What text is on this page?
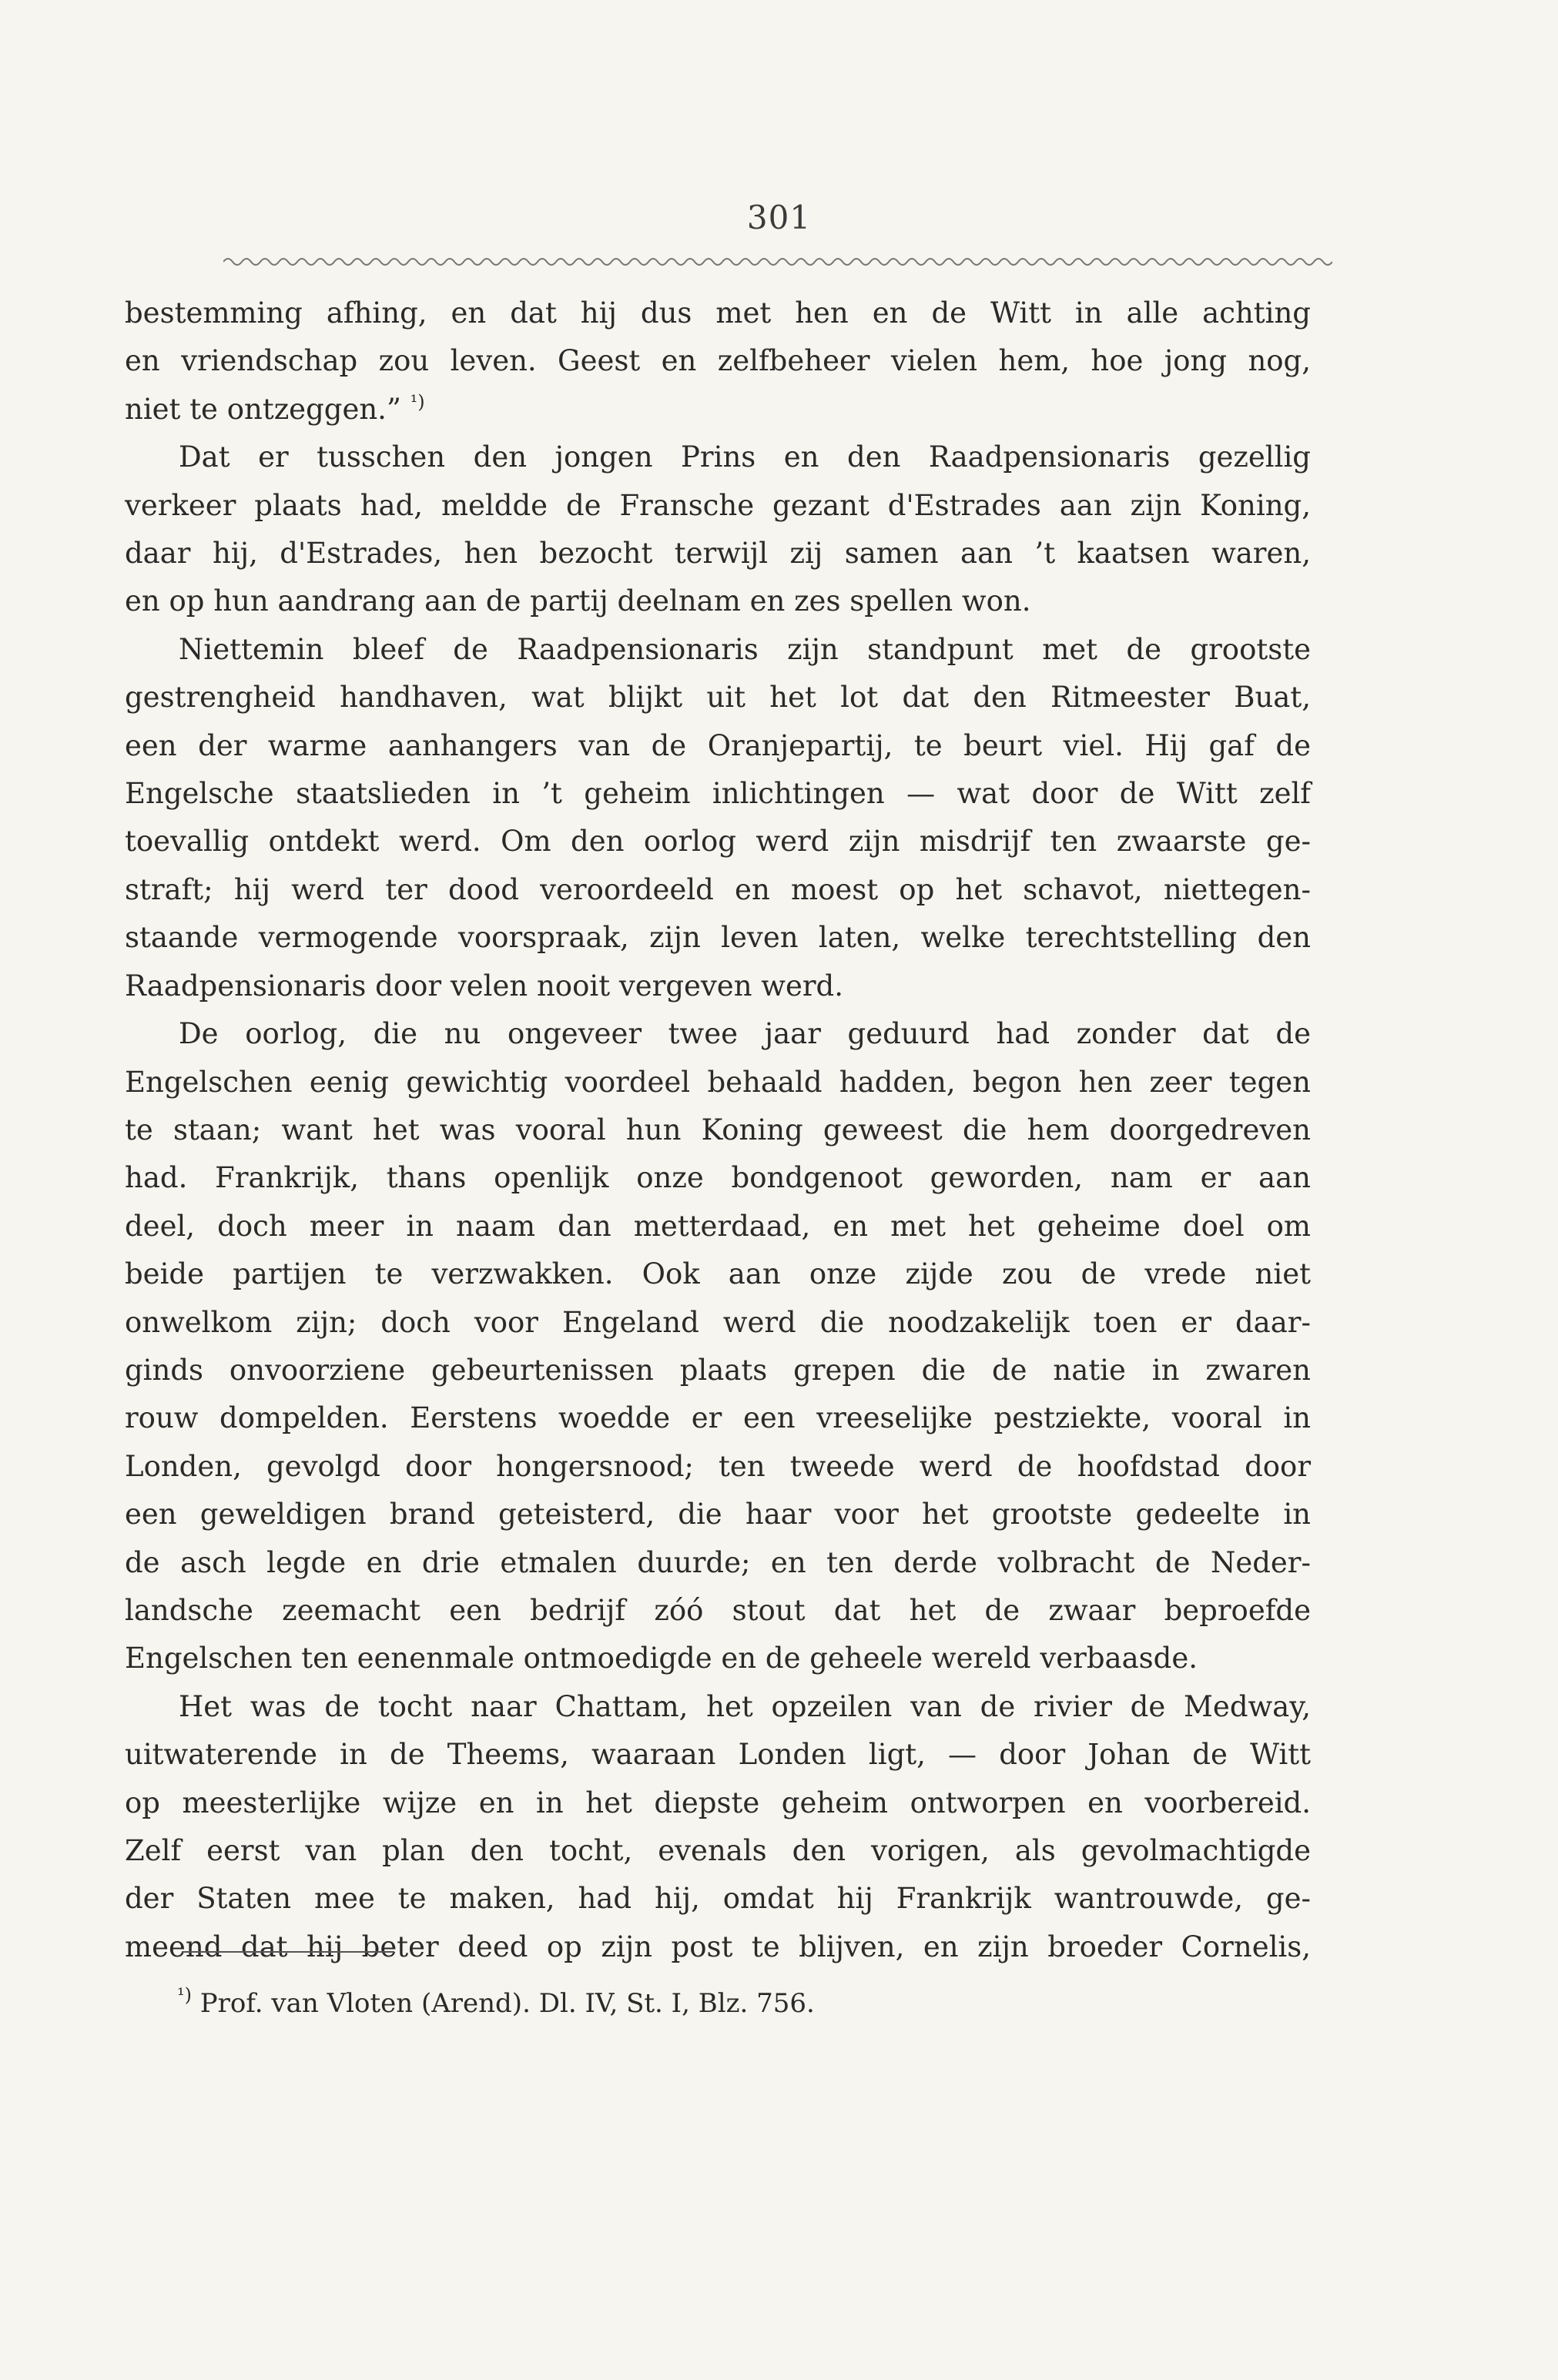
301
bestemming afhing, en dat hij dus met hen en de Witt in alle achting
en vriendschap zou leven. Geest en zelfbeheer vielen hem, hoe jong nog,
niet te ontzeggen.” $^{^1)}$
Dat er tusschen den jongen Prins en den Raadpensionaris gezellig
verkeer plaats had, meldde de Fransche gezant d'Estrades aan zijn Koning,
daar hij, d'Estrades, hen bezocht terwijl zij samen aan ’t kaatsen waren,
en op hun aandrang aan de partij deelnam en zes spellen won.
Niettemin bleef de Raadpensionaris zijn standpunt met de grootste
gestrengheid handhaven, wat blijkt uit het lot dat den Ritmeester Buat,
een der warme aanhangers van de Oranjepartij, te beurt viel. Hij gaf de
Engelsche staatslieden in ’t geheim inlichtingen — wat door de Witt zelf
toevallig ontdekt werd. Om den oorlog werd zijn misdrijf ten zwaarste ge-
straft; hij werd ter dood veroordeeld en moest op het schavot, niettegen-
staande vermogende voorspraak, zijn leven laten, welke terechtstelling den
Raadpensionaris door velen nooit vergeven werd.
De oorlog, die nu ongeveer twee jaar geduurd had zonder dat de
Engelschen eenig gewichtig voordeel behaald hadden, begon hen zeer tegen
te staan; want het was vooral hun Koning geweest die hem doorgedreven
had. Frankrijk, thans openlijk onze bondgenoot geworden, nam er aan
deel, doch meer in naam dan metterdaad, en met het geheime doel om
beide partijen te verzwakken. Ook aan onze zijde zou de vrede niet
onwelkom zijn; doch voor Engeland werd die noodzakelijk toen er daar-
ginds onvoorziene gebeurtenissen plaats grepen die de natie in zwaren
rouw dompelden. Eerstens woedde er een vreeselijke pestziekte, vooral in
Londen, gevolgd door hongersnood; ten tweede werd de hoofdstad door
een geweldigen brand geteisterd, die haar voor het grootste gedeelte in
de asch legde en drie etmalen duurde; en ten derde volbracht de Neder-
landsche zeemacht een bedrijf zóó stout dat het de zwaar beproefde
Engelschen ten eenenmale ontmoedigde en de geheele wereld verbaasde.
Het was de tocht naar Chattam, het opzeilen van de rivier de Medway,
uitwaterende in de Theems, waaraan Londen ligt, — door Johan de Witt
op meesterlijke wijze en in het diepste geheim ontworpen en voorbereid.
Zelf eerst van plan den tocht, evenals den vorigen, als gevolmachtigde
der Staten mee te maken, had hij, omdat hij Frankrijk wantrouwde, ge-
meend dat hij beter deed op zijn post te blijven, en zijn broeder Cornelis,
$^{^1)}$ Prof. van Vloten (Arend). Dl. IV, St. I, Blz. 756.
